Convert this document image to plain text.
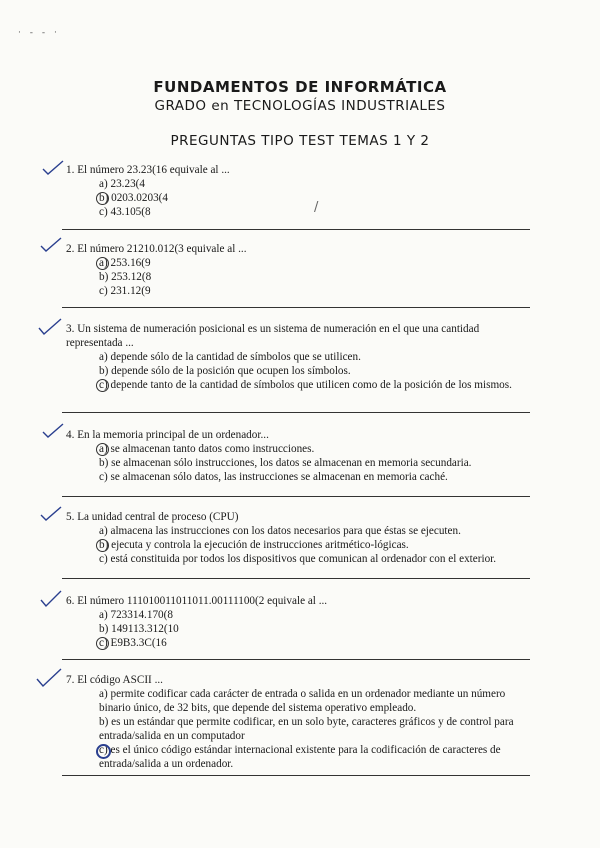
· - - ·
FUNDAMENTOS DE INFORMÁTICA
GRADO en TECNOLOGÍAS INDUSTRIALES
PREGUNTAS TIPO TEST TEMAS 1 Y 2
/
1. El número 23.23(16 equivale al ...
a) 23.23(4
b) 0203.0203(4
c) 43.105(8
2. El número 21210.012(3 equivale al ...
a) 253.16(9
b) 253.12(8
c) 231.12(9
3. Un sistema de numeración posicional es un sistema de numeración en el que una cantidad representada ...
a) depende sólo de la cantidad de símbolos que se utilicen.
b) depende sólo de la posición que ocupen los símbolos.
c) depende tanto de la cantidad de símbolos que utilicen como de la posición de los mismos.
4. En la memoria principal de un ordenador...
a) se almacenan tanto datos como instrucciones.
b) se almacenan sólo instrucciones, los datos se almacenan en memoria secundaria.
c) se almacenan sólo datos, las instrucciones se almacenan en memoria caché.
5. La unidad central de proceso (CPU)
a) almacena las instrucciones con los datos necesarios para que éstas se ejecuten.
b) ejecuta y controla la ejecución de instrucciones aritmético-lógicas.
c) está constituida por todos los dispositivos que comunican al ordenador con el exterior.
6. El número 111010011011011.00111100(2 equivale al ...
a) 723314.170(8
b) 149113.312(10
c) E9B3.3C(16
7. El código ASCII ...
a) permite codificar cada carácter de entrada o salida en un ordenador mediante un número binario único, de 32 bits, que depende del sistema operativo empleado.
b) es un estándar que permite codificar, en un solo byte, caracteres gráficos y de control para entrada/salida en un computador
c) es el único código estándar internacional existente para la codificación de caracteres de entrada/salida a un ordenador.
